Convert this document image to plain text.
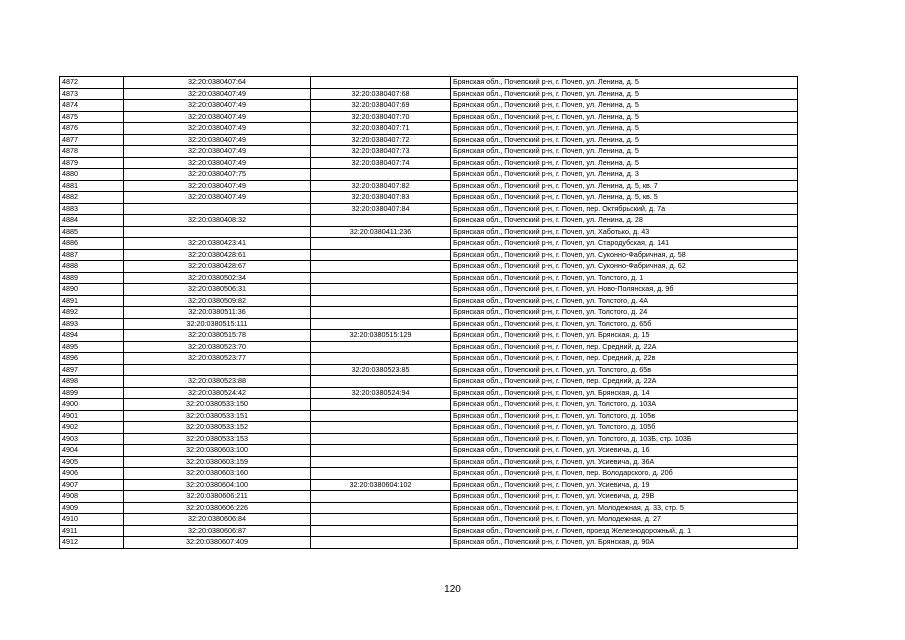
4872	32:20:0380407:64		Брянская обл., Почепский р-н, г. Почеп, ул. Ленина, д. 5
4873	32:20:0380407:49	32:20:0380407:68	Брянская обл., Почепский р-н, г. Почеп, ул. Ленина, д. 5
4874	32:20:0380407:49	32:20:0380407:69	Брянская обл., Почепский р-н, г. Почеп, ул. Ленина, д. 5
4875	32:20:0380407:49	32:20:0380407:70	Брянская обл., Почепский р-н, г. Почеп, ул. Ленина, д. 5
4876	32:20:0380407:49	32:20:0380407:71	Брянская обл., Почепский р-н, г. Почеп, ул. Ленина, д. 5
4877	32:20:0380407:49	32:20:0380407:72	Брянская обл., Почепский р-н, г. Почеп, ул. Ленина, д. 5
4878	32:20:0380407:49	32:20:0380407:73	Брянская обл., Почепский р-н, г. Почеп, ул. Ленина, д. 5
4879	32:20:0380407:49	32:20:0380407:74	Брянская обл., Почепский р-н, г. Почеп, ул. Ленина, д. 5
4880	32:20:0380407:75		Брянская обл., Почепский р-н, г. Почеп, ул. Ленина, д. 3
4881	32:20:0380407:49	32:20:0380407:82	Брянская обл., Почепский р-н, г. Почеп, ул. Ленина, д. 5, кв. 7
4882	32:20:0380407:49	32:20:0380407:83	Брянская обл., Почепский р-н, г. Почеп, ул. Ленина, д. 5, кв. 5
4883		32:20:0380407:84	Брянская обл., Почепский р-н, г. Почеп, пер. Октябрьский, д. 7а
4884	32:20:0380408:32		Брянская обл., Почепский р-н, г. Почеп, ул. Ленина, д. 28
4885		32:20:0380411:236	Брянская обл., Почепский р-н, г. Почеп, ул. Хаботько, д. 43
4886	32:20:0380423:41		Брянская обл., Почепский р-н, г. Почеп, ул. Стародубская, д. 141
4887	32:20:0380428:61		Брянская обл., Почепский р-н, г. Почеп, ул. Суконно-Фабричная, д. 58
4888	32:20:0380428:67		Брянская обл., Почепский р-н, г. Почеп, ул. Суконно-Фабричная, д. 62
4889	32:20:0380502:34		Брянская обл., Почепский р-н, г. Почеп, ул. Толстого, д. 1
4890	32:20:0380506:31		Брянская обл., Почепский р-н, г. Почеп, ул. Ново-Полянская, д. 9б
4891	32:20:0380509:82		Брянская обл., Почепский р-н, г. Почеп, ул. Толстого, д. 4А
4892	32:20:0380511:36		Брянская обл., Почепский р-н, г. Почеп, ул. Толстого, д. 24
4893	32:20:0380515:111		Брянская обл., Почепский р-н, г. Почеп, ул. Толстого, д. 65б
4894	32:20:0380515:78	32:20:0380515:129	Брянская обл., Почепский р-н, г. Почеп, ул. Брянская, д. 15
4895	32:20:0380523:70		Брянская обл., Почепский р-н, г. Почеп, пер. Средний, д. 22А
4896	32:20:0380523:77		Брянская обл., Почепский р-н, г. Почеп, пер. Средний, д. 22в
4897		32:20:0380523:85	Брянская обл., Почепский р-н, г. Почеп, ул. Толстого, д. 65в
4898	32:20:0380523:88		Брянская обл., Почепский р-н, г. Почеп, пер. Средний, д. 22А
4899	32:20:0380524:42	32:20:0380524:94	Брянская обл., Почепский р-н, г. Почеп, ул. Брянская, д. 14
4900	32:20:0380533:150		Брянская обл., Почепский р-н, г. Почеп, ул. Толстого, д. 103А
4901	32:20:0380533:151		Брянская обл., Почепский р-н, г. Почеп, ул. Толстого, д. 105в
4902	32:20:0380533:152		Брянская обл., Почепский р-н, г. Почеп, ул. Толстого, д. 105б
4903	32:20:0380533:153		Брянская обл., Почепский р-н, г. Почеп, ул. Толстого, д. 103Б, стр. 103Б
4904	32:20:0380603:100		Брянская обл., Почепский р-н, г. Почеп, ул. Усиевича, д. 16
4905	32:20:0380603:159		Брянская обл., Почепский р-н, г. Почеп, ул. Усиевича, д. 36А
4906	32:20:0380603:160		Брянская обл., Почепский р-н, г. Почеп, пер. Володарского, д. 20б
4907	32:20:0380604:100	32:20:0380604:102	Брянская обл., Почепский р-н, г. Почеп, ул. Усиевича, д. 19
4908	32:20:0380606:211		Брянская обл., Почепский р-н, г. Почеп, ул. Усиевича, д. 29В
4909	32:20:0380606:226		Брянская обл., Почепский р-н, г. Почеп, ул. Молодежная, д. 33, стр. 5
4910	32:20:0380606:84		Брянская обл., Почепский р-н, г. Почеп, ул. Молодежная, д. 27
4911	32:20:0380606:87		Брянская обл., Почепский р-н, г. Почеп, проезд Железнодорожный, д. 1
4912	32:20:0380607:409		Брянская обл., Почепский р-н, г. Почеп, ул. Брянская, д. 90А
120
